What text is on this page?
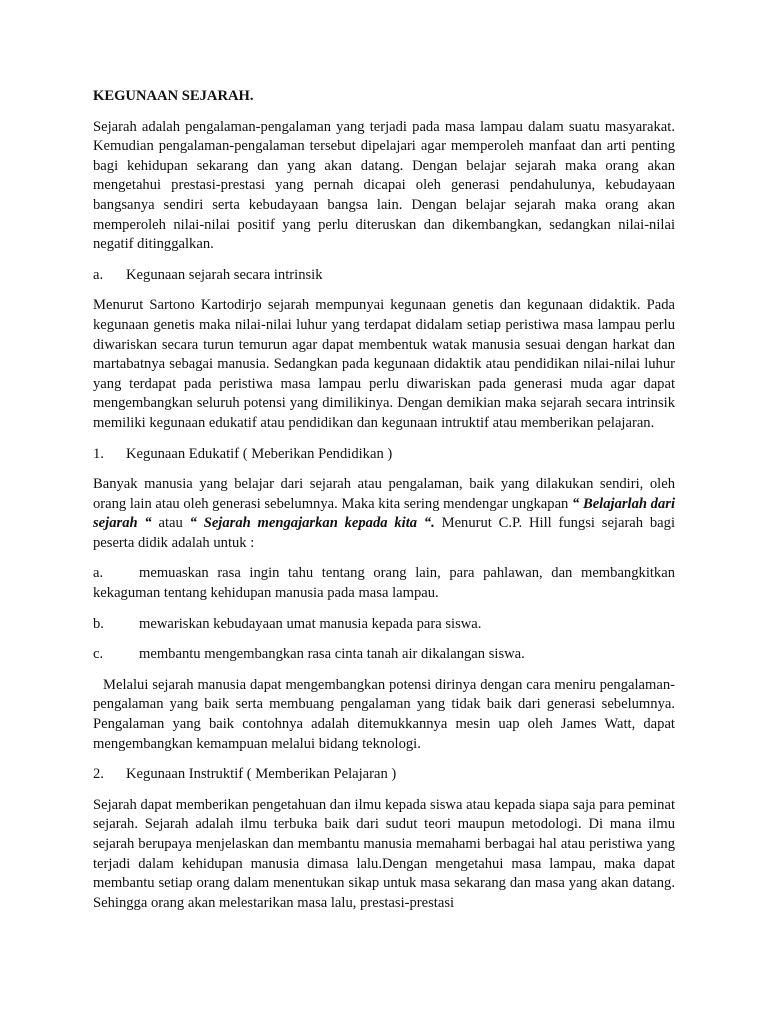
KEGUNAAN SEJARAH.

Sejarah adalah pengalaman-pengalaman yang terjadi pada masa lampau dalam suatu masyarakat. Kemudian pengalaman-pengalaman tersebut dipelajari agar memperoleh manfaat dan arti penting bagi kehidupan sekarang dan yang akan datang. Dengan belajar sejarah maka orang akan mengetahui prestasi-prestasi yang pernah dicapai oleh generasi pendahulunya, kebudayaan bangsanya sendiri serta kebudayaan bangsa lain. Dengan belajar sejarah maka orang akan memperoleh nilai-nilai positif yang perlu diteruskan dan dikembangkan, sedangkan nilai-nilai negatif ditinggalkan.

a. Kegunaan sejarah secara intrinsik

Menurut Sartono Kartodirjo sejarah mempunyai kegunaan genetis dan kegunaan didaktik. Pada kegunaan genetis maka nilai-nilai luhur yang terdapat didalam setiap peristiwa masa lampau perlu diwariskan secara turun temurun agar dapat membentuk watak manusia sesuai dengan harkat dan martabatnya sebagai manusia. Sedangkan pada kegunaan didaktik atau pendidikan nilai-nilai luhur yang terdapat pada peristiwa masa lampau perlu diwariskan pada generasi muda agar dapat mengembangkan seluruh potensi yang dimilikinya. Dengan demikian maka sejarah secara intrinsik memiliki kegunaan edukatif atau pendidikan dan kegunaan intruktif atau memberikan pelajaran.

1. Kegunaan Edukatif ( Meberikan Pendidikan )

Banyak manusia yang belajar dari sejarah atau pengalaman, baik yang dilakukan sendiri, oleh orang lain atau oleh generasi sebelumnya. Maka kita sering mendengar ungkapan “ Belajarlah dari sejarah “ atau “ Sejarah mengajarkan kepada kita “. Menurut C.P. Hill fungsi sejarah bagi peserta didik adalah untuk :

a. memuaskan rasa ingin tahu tentang orang lain, para pahlawan, dan membangkitkan kekaguman tentang kehidupan manusia pada masa lampau.
b. mewariskan kebudayaan umat manusia kepada para siswa.
c. membantu mengembangkan rasa cinta tanah air dikalangan siswa.

Melalui sejarah manusia dapat mengembangkan potensi dirinya dengan cara meniru pengalaman-pengalaman yang baik serta membuang pengalaman yang tidak baik dari generasi sebelumnya. Pengalaman yang baik contohnya adalah ditemukkannya mesin uap oleh James Watt, dapat mengembangkan kemampuan melalui bidang teknologi.

2. Kegunaan Instruktif ( Memberikan Pelajaran )

Sejarah dapat memberikan pengetahuan dan ilmu kepada siswa atau kepada siapa saja para peminat sejarah. Sejarah adalah ilmu terbuka baik dari sudut teori maupun metodologi. Di mana ilmu sejarah berupaya menjelaskan dan membantu manusia memahami berbagai hal atau peristiwa yang terjadi dalam kehidupan manusia dimasa lalu.Dengan mengetahui masa lampau, maka dapat membantu setiap orang dalam menentukan sikap untuk masa sekarang dan masa yang akan datang. Sehingga orang akan melestarikan masa lalu, prestasi-prestasi
